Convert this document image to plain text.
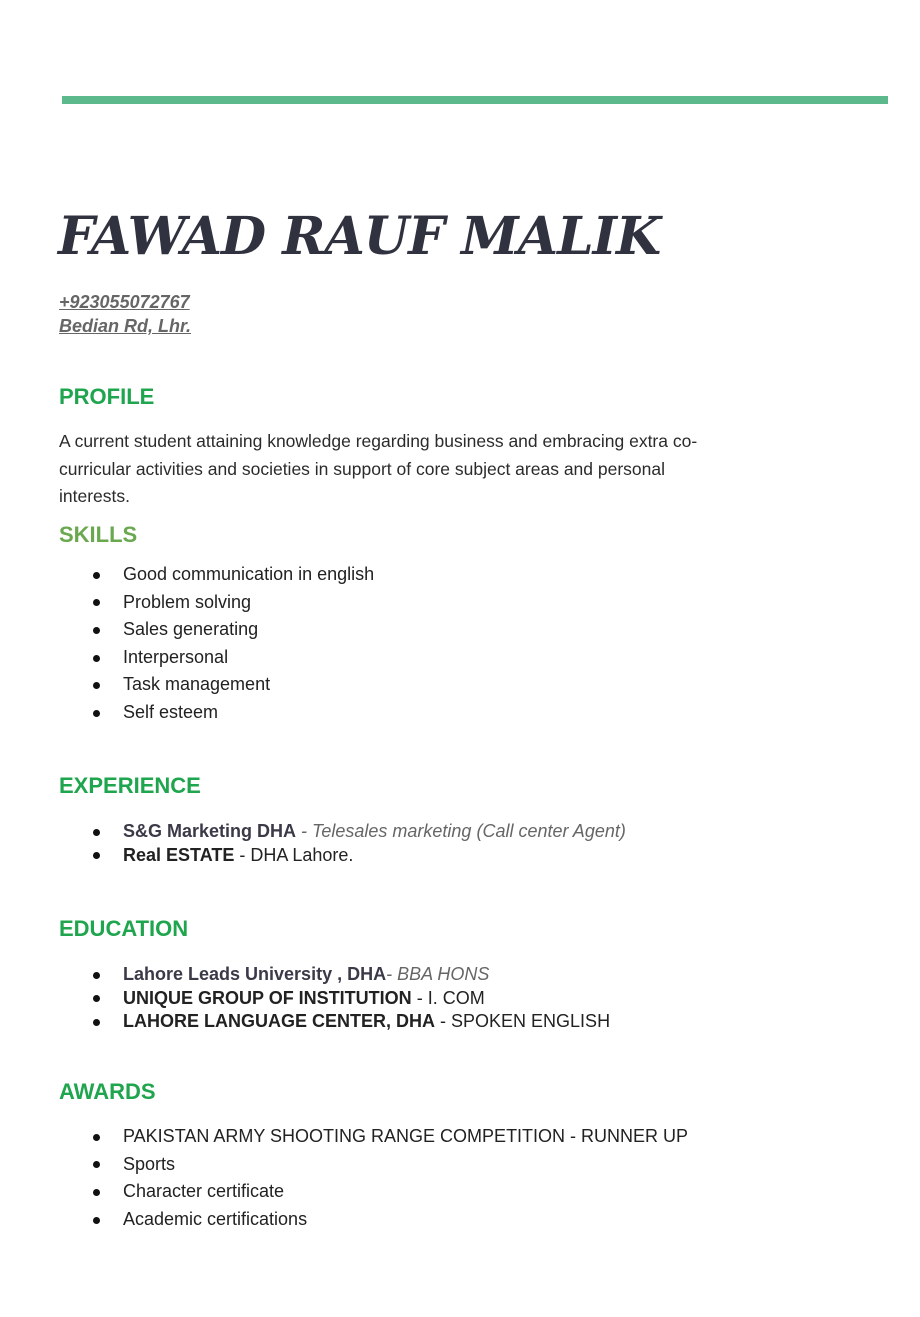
FAWAD RAUF MALIK
+923055072767
Bedian Rd, Lhr.
PROFILE
A current student attaining knowledge regarding business and embracing extra co-curricular activities and societies in support of core subject areas and personal interests.
SKILLS
Good communication in english
Problem solving
Sales generating
Interpersonal
Task management
Self esteem
EXPERIENCE
S&G Marketing DHA - Telesales marketing (Call center Agent)
Real ESTATE - DHA Lahore.
EDUCATION
Lahore Leads University , DHA- BBA HONS
UNIQUE GROUP OF INSTITUTION - I. COM
LAHORE LANGUAGE CENTER, DHA - SPOKEN ENGLISH
AWARDS
PAKISTAN ARMY SHOOTING RANGE COMPETITION - RUNNER UP
Sports
Character certificate
Academic certifications
